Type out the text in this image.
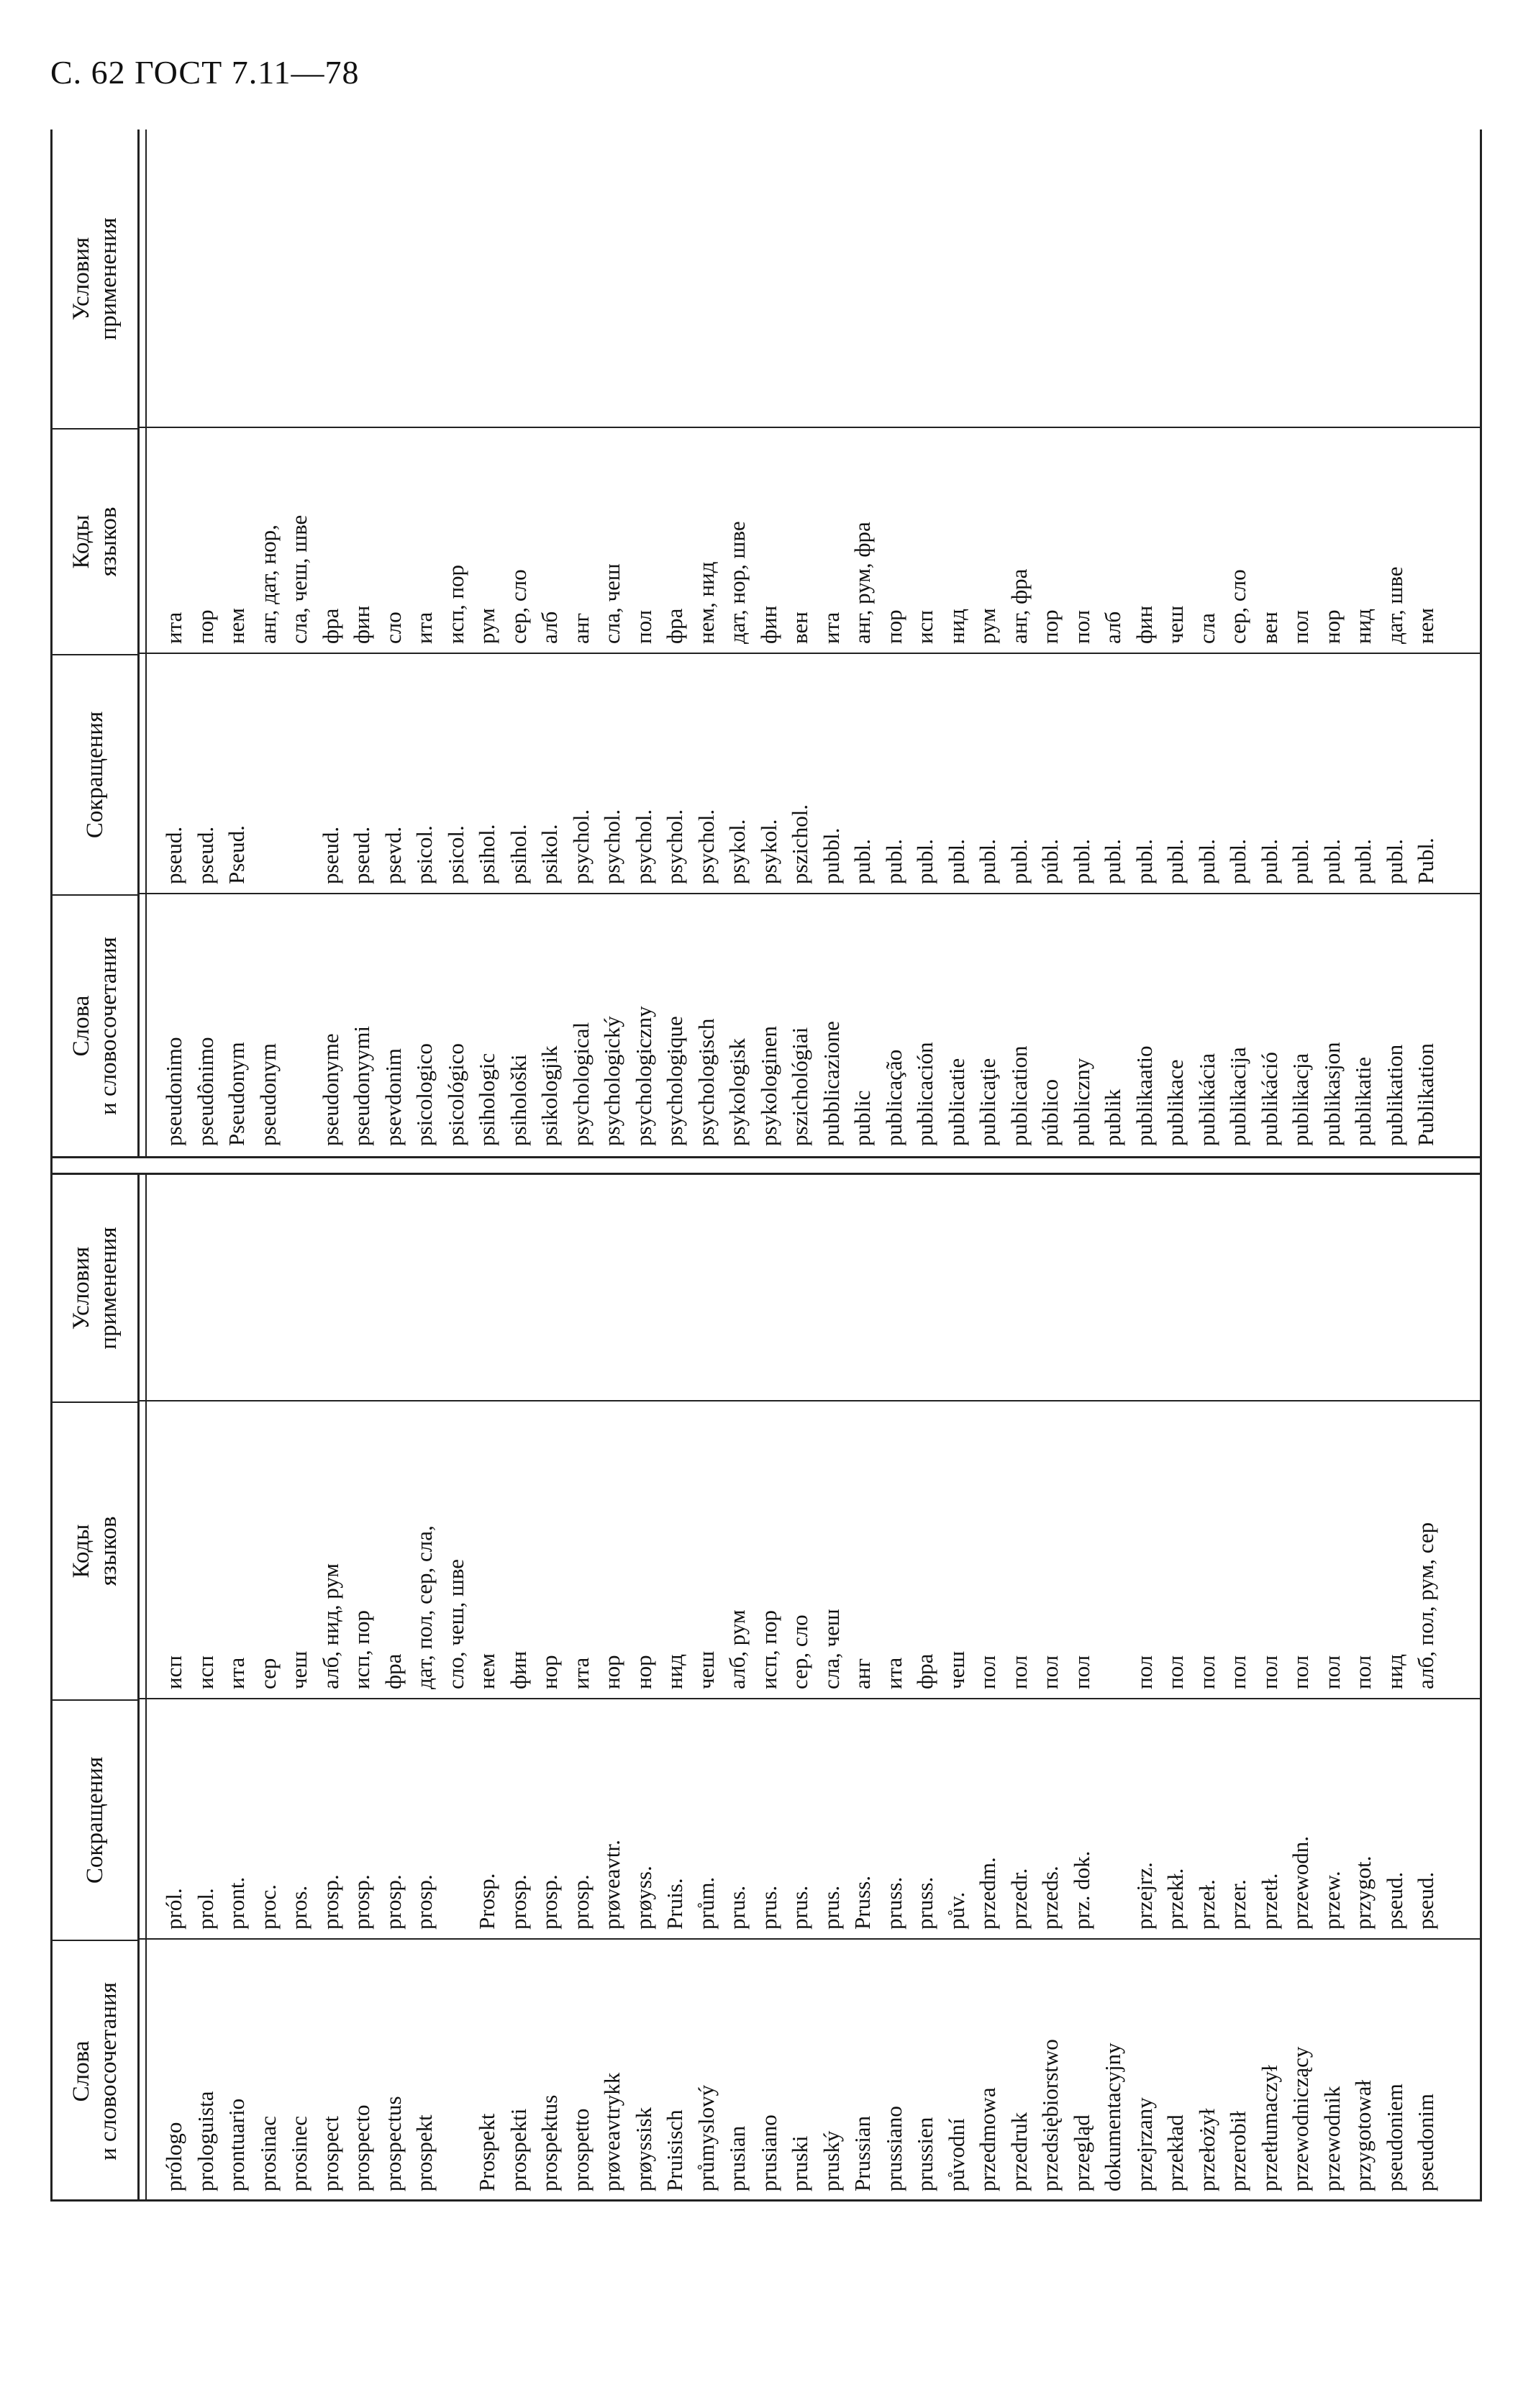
С. 62 ГОСТ 7.11—78
Слова
и словосочетания
Сокращения
Коды
языков
Условия
применения
prólogo
pról.
исп
prologuista
prol.
исп
prontuario
pront.
ита
prosinac
proc.
сер
prosinec
pros.
чеш
prospect
prosp.
алб, нид, рум
prospecto
prosp.
исп, пор
prospectus
prosp.
фра
prospekt
prosp.
дат, пол, сер, сла, сло, чеш, шве
Prospekt
Prosp.
нем
prospekti
prosp.
фин
prospektus
prosp.
нор
prospetto
prosp.
ита
prøveavtrykk
prøveavtr.
нор
prøyssisk
prøyss.
нор
Pruisisch
Pruis.
нид
průmyslový
prům.
чеш
prusian
prus.
алб, рум
prusiano
prus.
исп, пор
pruski
prus.
сер, сло
pruský
prus.
сла, чеш
Prussian
Pruss.
анг
prussiano
pruss.
ита
prussien
pruss.
фра
původní
pův.
чеш
przedmowa
przedm.
пол
przedruk
przedr.
пол
przedsiębiorstwo
przeds.
пол
przegląd
prz. dok.
пол
dokumentacyjny przejrzany
przejrz.
пол
przekład
przekł.
пол
przełożył
przeł.
пол
przerobił
przer.
пол
przetłumaczył
przetł.
пол
przewodniczący
przewodn.
пол
przewodnik
przew.
пол
przygotował
przygot.
пол
pseudoniem
pseud.
нид
pseudonim
pseud.
алб, пол, рум, сер
Слова
и словосочетания
Сокращения
Коды
языков
Условия
применения
pseudonimo
pseud.
ита
pseudônimo
pseud.
пор
Pseudonym
Pseud.
нем
pseudonym
анг, дат, нор, сла, чеш, шве
pseudonyme
pseud.
фра
pseudonyymi
pseud.
фин
psevdonim
psevd.
сло
psicologico
psicol.
ита
psicológico
psicol.
исп, пор
psihologic
psihol.
рум
psihološki
psihol.
сер, сло
psikologjik
psikol.
алб
psychological
psychol.
анг
psychologický
psychol.
сла, чеш
psychologiczny
psychol.
пол
psychologique
psychol.
фра
psychologisch
psychol.
нем, нид
psykologisk
psykol.
дат, нор, шве
psykologinen
psykol.
фин
pszichológiai
pszichol.
вен
pubblicazione
pubbl.
ита
public
publ.
анг, рум, фра
publicação
publ.
пор
publicación
publ.
исп
publicatie
publ.
нид
publicaţie
publ.
рум
publication
publ.
анг, фра
público
públ.
пор
publiczny
publ.
пол
publik
publ.
алб
publikaatio
publ.
фин
publikace
publ.
чеш
publikácia
publ.
сла
publikacija
publ.
сер, сло
publikáció
publ.
вен
publikacja
publ.
пол
publikasjon
publ.
нор
publikatie
publ.
нид
publikation
publ.
дат, шве
Publikation
Publ.
нем
